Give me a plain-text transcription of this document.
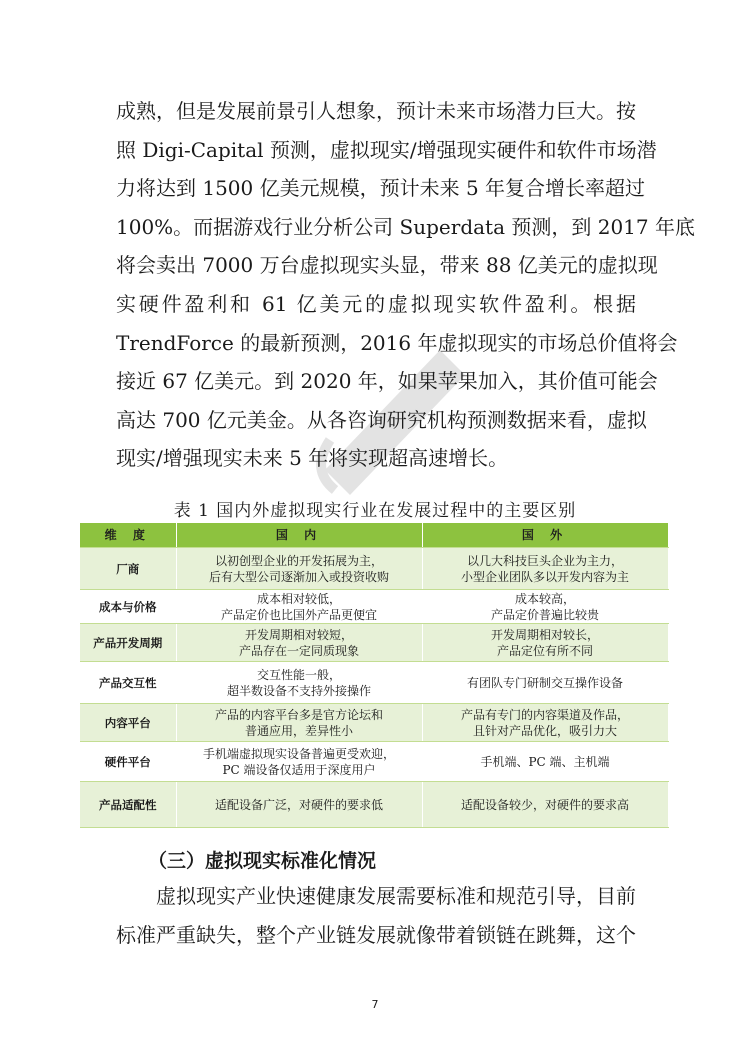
成熟，但是发展前景引人想象，预计未来市场潜力巨大。按
照 Digi-Capital 预测，虚拟现实/增强现实硬件和软件市场潜
力将达到 1500 亿美元规模，预计未来 5 年复合增长率超过
100%。而据游戏行业分析公司 Superdata 预测，到 2017 年底
将会卖出 7000 万台虚拟现实头显，带来 88 亿美元的虚拟现
实硬件盈利和 61 亿美元的虚拟现实软件盈利。根据
TrendForce 的最新预测，2016 年虚拟现实的市场总价值将会
接近 67 亿美元。到 2020 年，如果苹果加入，其价值可能会
高达 700 亿元美金。从各咨询研究机构预测数据来看，虚拟
现实/增强现实未来 5 年将实现超高速增长。
表 1 国内外虚拟现实行业在发展过程中的主要区别
维 度	国 内	国 外
厂商	以初创型企业的开发拓展为主，
后有大型公司逐渐加入或投资收购	以几大科技巨头企业为主力，
小型企业团队多以开发内容为主

成本与价格	成本相对较低，
产品定价也比国外产品更便宜	成本较高，
产品定价普遍比较贵

产品开发周期	开发周期相对较短，
产品存在一定同质现象	开发周期相对较长，
产品定位有所不同

产品交互性	交互性能一般，
超半数设备不支持外接操作	有团队专门研制交互操作设备

内容平台	产品的内容平台多是官方论坛和
普通应用，差异性小	产品有专门的内容渠道及作品，
且针对产品优化，吸引力大

硬件平台	手机端虚拟现实设备普遍更受欢迎，
PC 端设备仅适用于深度用户	手机端、PC 端、主机端

产品适配性	适配设备广泛，对硬件的要求低	适配设备较少，对硬件的要求高
（三）虚拟现实标准化情况
　　虚拟现实产业快速健康发展需要标准和规范引导，目前
标准严重缺失，整个产业链发展就像带着锁链在跳舞，这个
7
